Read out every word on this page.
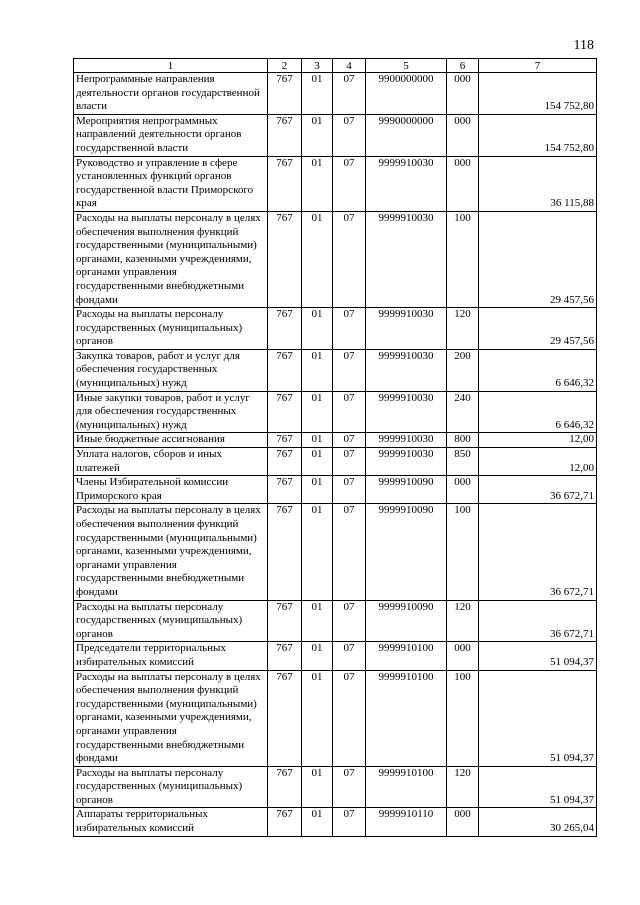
118
1	2	3	4	5	6	7
Непрограммные направления деятельности органов государственной власти	767	01	07	9900000000	000	154 752,80
Мероприятия непрограммных направлений деятельности органов государственной власти	767	01	07	9990000000	000	154 752,80
Руководство и управление в сфере установленных функций органов государственной власти Приморского края	767	01	07	9999910030	000	36 115,88
Расходы на выплаты персоналу в целях обеспечения выполнения функций государственными (муниципальными) органами, казенными учреждениями, органами управления государственными внебюджетными фондами	767	01	07	9999910030	100	29 457,56
Расходы на выплаты персоналу государственных (муниципальных) органов	767	01	07	9999910030	120	29 457,56
Закупка товаров, работ и услуг для обеспечения государственных (муниципальных) нужд	767	01	07	9999910030	200	6 646,32
Иные закупки товаров, работ и услуг для обеспечения государственных (муниципальных) нужд	767	01	07	9999910030	240	6 646,32
Иные бюджетные ассигнования	767	01	07	9999910030	800	12,00
Уплата налогов, сборов и иных платежей	767	01	07	9999910030	850	12,00
Члены Избирательной комиссии Приморского края	767	01	07	9999910090	000	36 672,71
Расходы на выплаты персоналу в целях обеспечения выполнения функций государственными (муниципальными) органами, казенными учреждениями, органами управления государственными внебюджетными фондами	767	01	07	9999910090	100	36 672,71
Расходы на выплаты персоналу государственных (муниципальных) органов	767	01	07	9999910090	120	36 672,71
Председатели территориальных избирательных комиссий	767	01	07	9999910100	000	51 094,37
Расходы на выплаты персоналу в целях обеспечения выполнения функций государственными (муниципальными) органами, казенными учреждениями, органами управления государственными внебюджетными фондами	767	01	07	9999910100	100	51 094,37
Расходы на выплаты персоналу государственных (муниципальных) органов	767	01	07	9999910100	120	51 094,37
Аппараты территориальных избирательных комиссий	767	01	07	9999910110	000	30 265,04
